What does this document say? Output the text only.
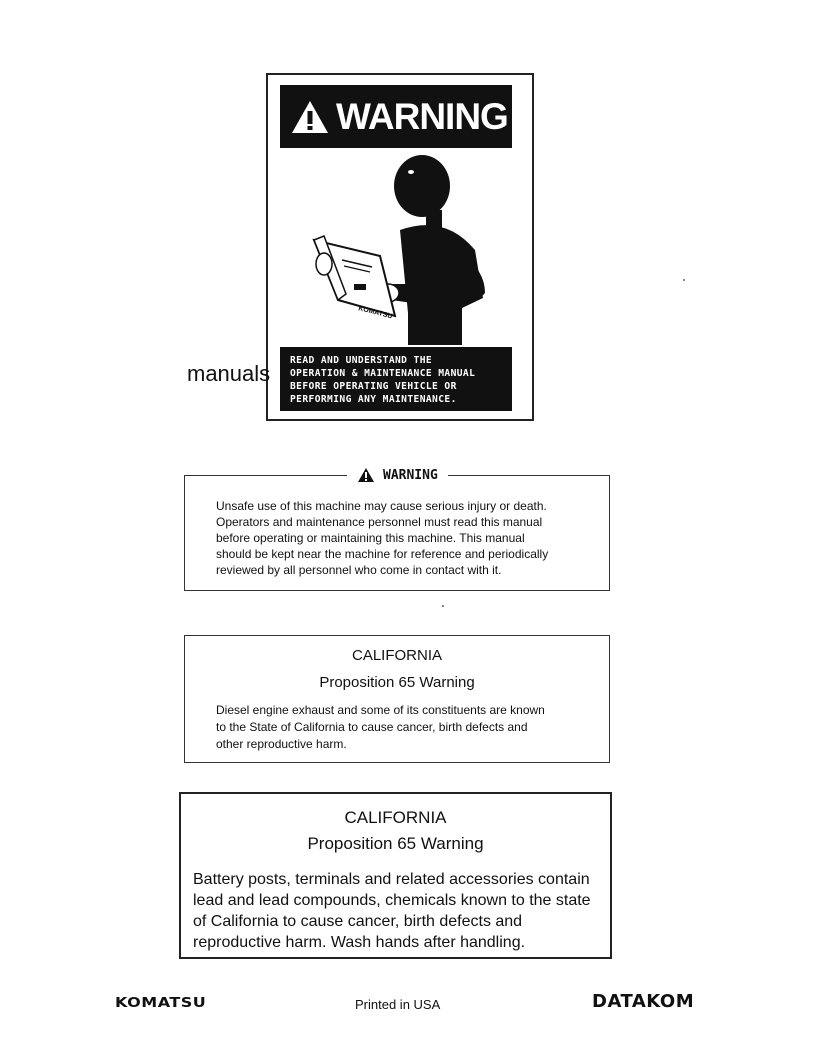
WARNING
KOMATSU
READ AND UNDERSTAND THE
OPERATION & MAINTENANCE MANUAL
BEFORE OPERATING VEHICLE OR
PERFORMING ANY MAINTENANCE.
manuals
WARNING
Unsafe use of this machine may cause serious injury or death.
Operators and maintenance personnel must read this manual
before operating or maintaining this machine. This manual
should be kept near the machine for reference and periodically
reviewed by all personnel who come in contact with it.
CALIFORNIA
Proposition 65 Warning
Diesel engine exhaust and some of its constituents are known
to the State of California to cause cancer, birth defects and
other reproductive harm.
CALIFORNIA
Proposition 65 Warning
Battery posts, terminals and related accessories contain
lead and lead compounds, chemicals known to the state
of California to cause cancer, birth defects and
reproductive harm. Wash hands after handling.
KOMATSU	Printed in USA	DATAKOM
